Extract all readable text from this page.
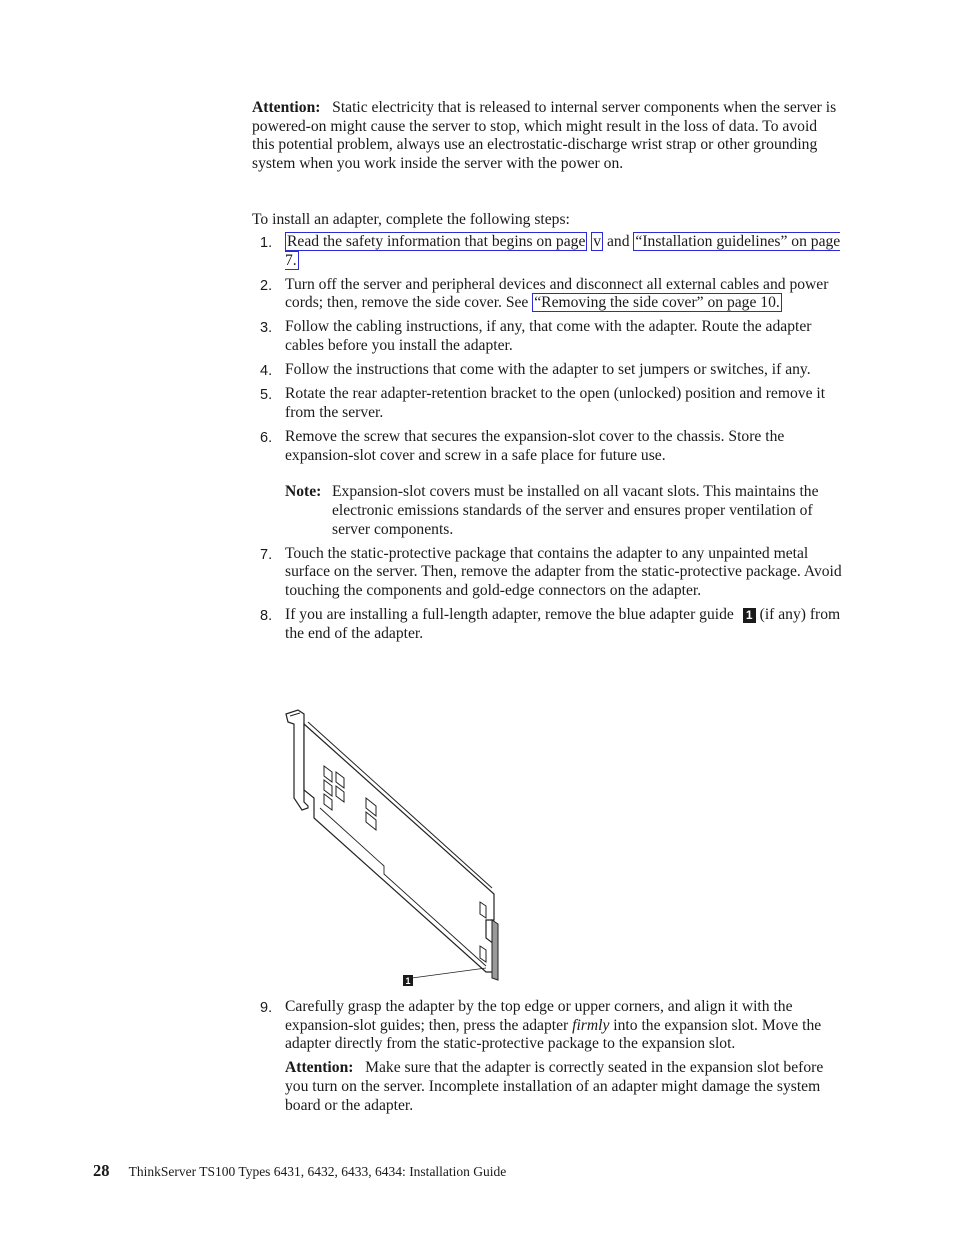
Attention: Static electricity that is released to internal server components when the server is powered-on might cause the server to stop, which might result in the loss of data. To avoid this potential problem, always use an electrostatic-discharge wrist strap or other grounding system when you work inside the server with the power on.

To install an adapter, complete the following steps:

1. Read the safety information that begins on page v and “Installation guidelines” on page 7.
2. Turn off the server and peripheral devices and disconnect all external cables and power cords; then, remove the side cover. See “Removing the side cover” on page 10.
3. Follow the cabling instructions, if any, that come with the adapter. Route the adapter cables before you install the adapter.
4. Follow the instructions that come with the adapter to set jumpers or switches, if any.
5. Rotate the rear adapter-retention bracket to the open (unlocked) position and remove it from the server.
6. Remove the screw that secures the expansion-slot cover to the chassis. Store the expansion-slot cover and screw in a safe place for future use.
Note: Expansion-slot covers must be installed on all vacant slots. This maintains the electronic emissions standards of the server and ensures proper ventilation of server components.
7. Touch the static-protective package that contains the adapter to any unpainted metal surface on the server. Then, remove the adapter from the static-protective package. Avoid touching the components and gold-edge connectors on the adapter.
8. If you are installing a full-length adapter, remove the blue adapter guide 1 (if any) from the end of the adapter.
1
9. Carefully grasp the adapter by the top edge or upper corners, and align it with the expansion-slot guides; then, press the adapter firmly into the expansion slot. Move the adapter directly from the static-protective package to the expansion slot.
Attention: Make sure that the adapter is correctly seated in the expansion slot before you turn on the server. Incomplete installation of an adapter might damage the system board or the adapter.
28 ThinkServer TS100 Types 6431, 6432, 6433, 6434: Installation Guide
